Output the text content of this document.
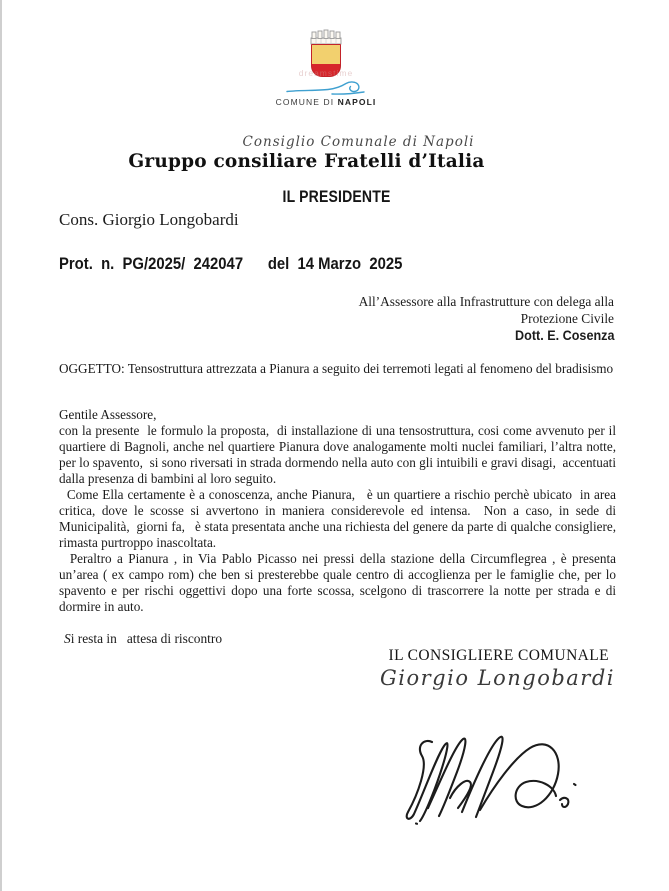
dreamstime
COMUNE DI NAPOLI
Consiglio Comunale di Napoli
Gruppo consiliare Fratelli d’Italia
IL PRESIDENTE
Cons. Giorgio Longobardi
Prot.  n.  PG/2025/  242047      del  14 Marzo  2025
All’Assessore alla Infrastrutture con delega alla
Protezione Civile
Dott. E. Cosenza
OGGETTO: Tensostruttura attrezzata a Pianura a seguito dei terremoti legati al fenomeno del bradisismo

Gentile Assessore,

con la presente  le formulo la proposta,  di installazione di una tensostruttura, cosi come avvenuto per il quartiere di Bagnoli, anche nel quartiere Pianura dove analogamente molti nuclei familiari, l’altra notte, per lo spavento,  si sono riversati in strada dormendo nella auto con gli intuibili e gravi disagi,  accentuati dalla presenza di bambini al loro seguito.

Come Ella certamente è a conoscenza, anche Pianura,   è un quartiere a rischio perchè ubicato  in area critica, dove le scosse si avvertono in maniera considerevole ed intensa.  Non a caso, in sede di Municipalità,  giorni fa,   è stata presentata anche una richiesta del genere da parte di qualche consigliere, rimasta purtroppo inascoltata.

Peraltro a Pianura , in Via Pablo Picasso nei pressi della stazione della Circumflegrea , è presenta un’area ( ex campo rom) che ben si presterebbe quale centro di accoglienza per le famiglie che, per lo spavento e per rischi oggettivi dopo una forte scossa, scelgono di trascorrere la notte per strada e di dormire in auto.

Si resta in   attesa di riscontro
IL CONSIGLIERE COMUNALE
Giorgio Longobardi
